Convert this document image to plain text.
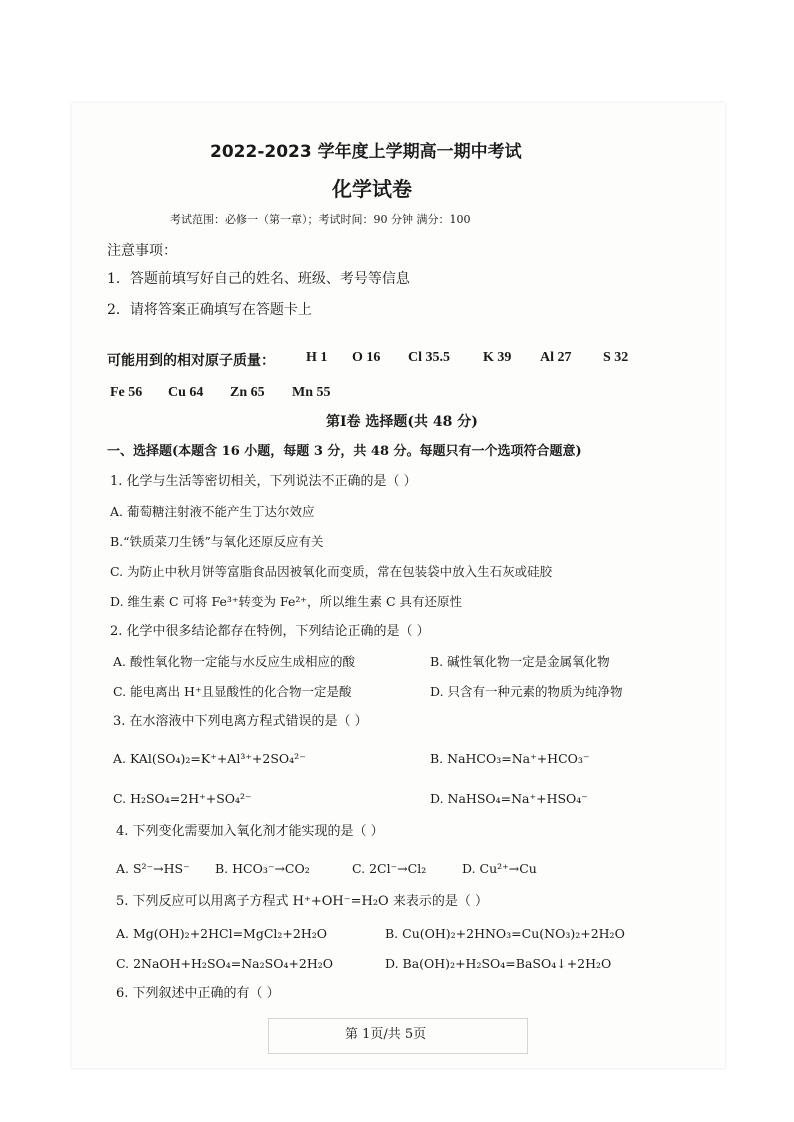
2022-2023 学年度上学期高一期中考试
化学试卷
考试范围：必修一（第一章）；考试时间：90 分钟 满分：100
注意事项：
1．答题前填写好自己的姓名、班级、考号等信息
2．请将答案正确填写在答题卡上
可能用到的相对原子质量： H 1 O 16 Cl 35.5 K 39 Al 27 S 32
Fe 56 Cu 64 Zn 65 Mn 55
第Ⅰ卷 选择题(共 48 分)
一、选择题(本题含 16 小题，每题 3 分，共 48 分。每题只有一个选项符合题意)
1. 化学与生活等密切相关，下列说法不正确的是（ ）
A. 葡萄糖注射液不能产生丁达尔效应
B.“铁质菜刀生锈”与氧化还原反应有关
C. 为防止中秋月饼等富脂食品因被氧化而变质，常在包装袋中放入生石灰或硅胶
D. 维生素 C 可将 Fe³⁺转变为 Fe²⁺，所以维生素 C 具有还原性
2. 化学中很多结论都存在特例，下列结论正确的是（ ）
A. 酸性氧化物一定能与水反应生成相应的酸	B. 碱性氧化物一定是金属氧化物
C. 能电离出 H⁺且显酸性的化合物一定是酸	D. 只含有一种元素的物质为纯净物
3. 在水溶液中下列电离方程式错误的是（ ）
A. KAl(SO₄)₂=K⁺+Al³⁺+2SO₄²⁻	B. NaHCO₃=Na⁺+HCO₃⁻
C. H₂SO₄=2H⁺+SO₄²⁻	D. NaHSO₄=Na⁺+HSO₄⁻
4. 下列变化需要加入氧化剂才能实现的是（ ）
A. S²⁻→HS⁻ B. HCO₃⁻→CO₂	C. 2Cl⁻→Cl₂	D. Cu²⁺→Cu
5. 下列反应可以用离子方程式 H⁺+OH⁻=H₂O 来表示的是（ ）
A. Mg(OH)₂+2HCl=MgCl₂+2H₂O	B. Cu(OH)₂+2HNO₃=Cu(NO₃)₂+2H₂O
C. 2NaOH+H₂SO₄=Na₂SO₄+2H₂O	D. Ba(OH)₂+H₂SO₄=BaSO₄↓+2H₂O
6. 下列叙述中正确的有（ ）
第 1页/共 5页
